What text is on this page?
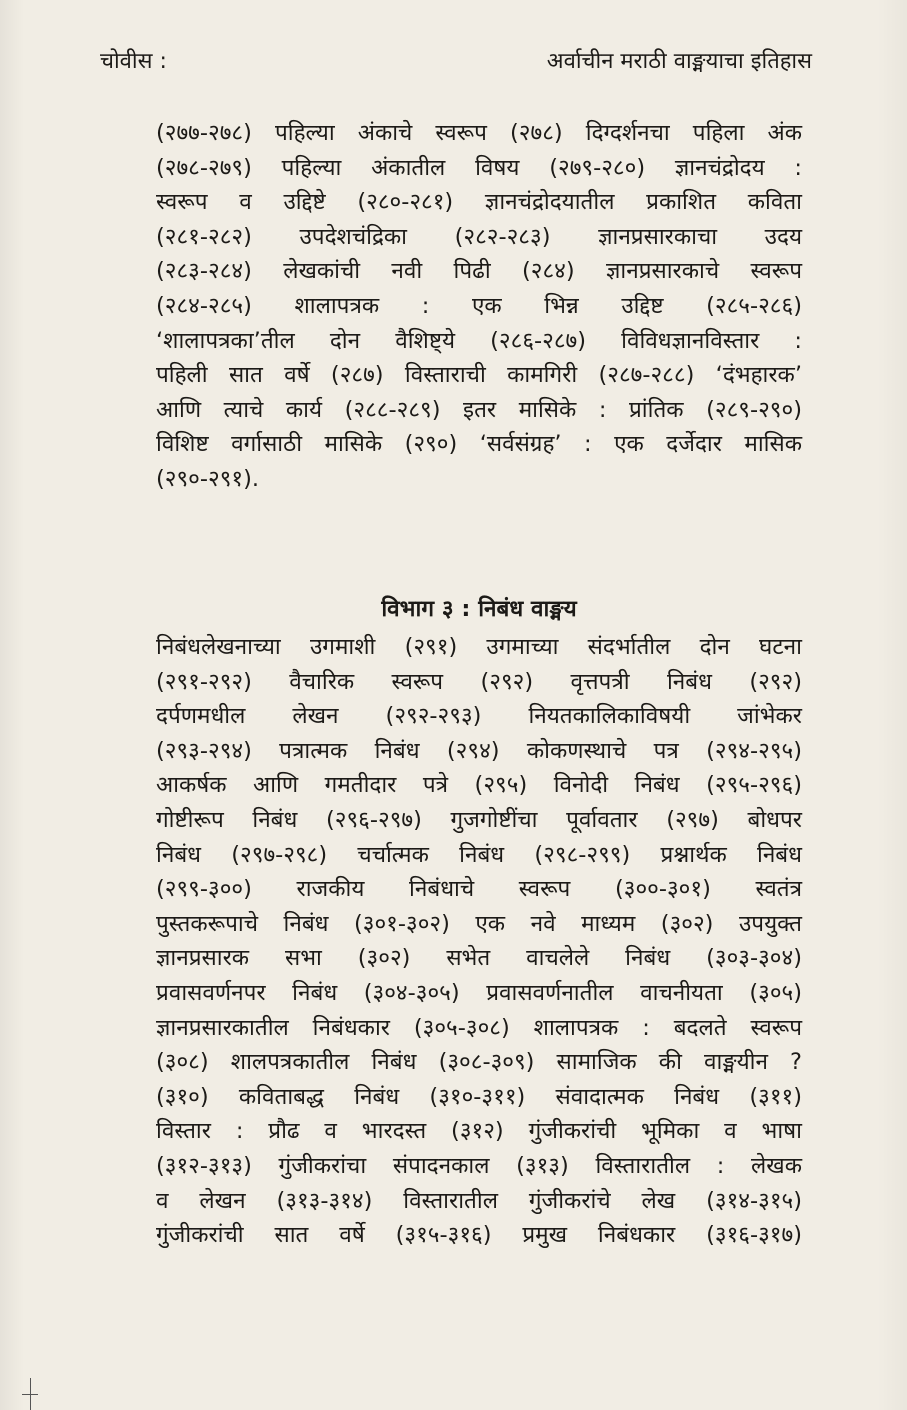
चोवीस :	अर्वाचीन मराठी वाङ्मयाचा इतिहास
(२७७-२७८) पहिल्या अंकाचे स्वरूप (२७८) दिग्दर्शनचा पहिला अंक
(२७८-२७९) पहिल्या अंकातील विषय (२७९-२८०) ज्ञानचंद्रोदय :
स्वरूप व उद्दिष्टे (२८०-२८१) ज्ञानचंद्रोदयातील प्रकाशित कविता
(२८१-२८२) उपदेशचंद्रिका (२८२-२८३) ज्ञानप्रसारकाचा उदय
(२८३-२८४) लेखकांची नवी पिढी (२८४) ज्ञानप्रसारकाचे स्वरूप
(२८४-२८५) शालापत्रक : एक भिन्न उद्दिष्ट (२८५-२८६)
‘शालापत्रका’तील दोन वैशिष्ट्ये (२८६-२८७) विविधज्ञानविस्तार :
पहिली सात वर्षे (२८७) विस्ताराची कामगिरी (२८७-२८८) ‘दंभहारक’
आणि त्याचे कार्य (२८८-२८९) इतर मासिके : प्रांतिक (२८९-२९०)
विशिष्ट वर्गासाठी मासिके (२९०) ‘सर्वसंग्रह’ : एक दर्जेदार मासिक
(२९०-२९१).
विभाग ३ : निबंध वाङ्मय
निबंधलेखनाच्या उगमाशी (२९१) उगमाच्या संदर्भातील दोन घटना
(२९१-२९२) वैचारिक स्वरूप (२९२) वृत्तपत्री निबंध (२९२)
दर्पणमधील लेखन (२९२-२९३) नियतकालिकाविषयी जांभेकर
(२९३-२९४) पत्रात्मक निबंध (२९४) कोकणस्थाचे पत्र (२९४-२९५)
आकर्षक आणि गमतीदार पत्रे (२९५) विनोदी निबंध (२९५-२९६)
गोष्टीरूप निबंध (२९६-२९७) गुजगोष्टींचा पूर्वावतार (२९७) बोधपर
निबंध (२९७-२९८) चर्चात्मक निबंध (२९८-२९९) प्रश्नार्थक निबंध
(२९९-३००) राजकीय निबंधाचे स्वरूप (३००-३०१) स्वतंत्र
पुस्तकरूपाचे निबंध (३०१-३०२) एक नवे माध्यम (३०२) उपयुक्त
ज्ञानप्रसारक सभा (३०२) सभेत वाचलेले निबंध (३०३-३०४)
प्रवासवर्णनपर निबंध (३०४-३०५) प्रवासवर्णनातील वाचनीयता (३०५)
ज्ञानप्रसारकातील निबंधकार (३०५-३०८) शालापत्रक : बदलते स्वरूप
(३०८) शालपत्रकातील निबंध (३०८-३०९) सामाजिक की वाङ्मयीन ?
(३१०) कविताबद्ध निबंध (३१०-३११) संवादात्मक निबंध (३११)
विस्तार : प्रौढ व भारदस्त (३१२) गुंजीकरांची भूमिका व भाषा
(३१२-३१३) गुंजीकरांचा संपादनकाल (३१३) विस्तारातील : लेखक
व लेखन (३१३-३१४) विस्तारातील गुंजीकरांचे लेख (३१४-३१५)
गुंजीकरांची सात वर्षे (३१५-३१६) प्रमुख निबंधकार (३१६-३१७)
